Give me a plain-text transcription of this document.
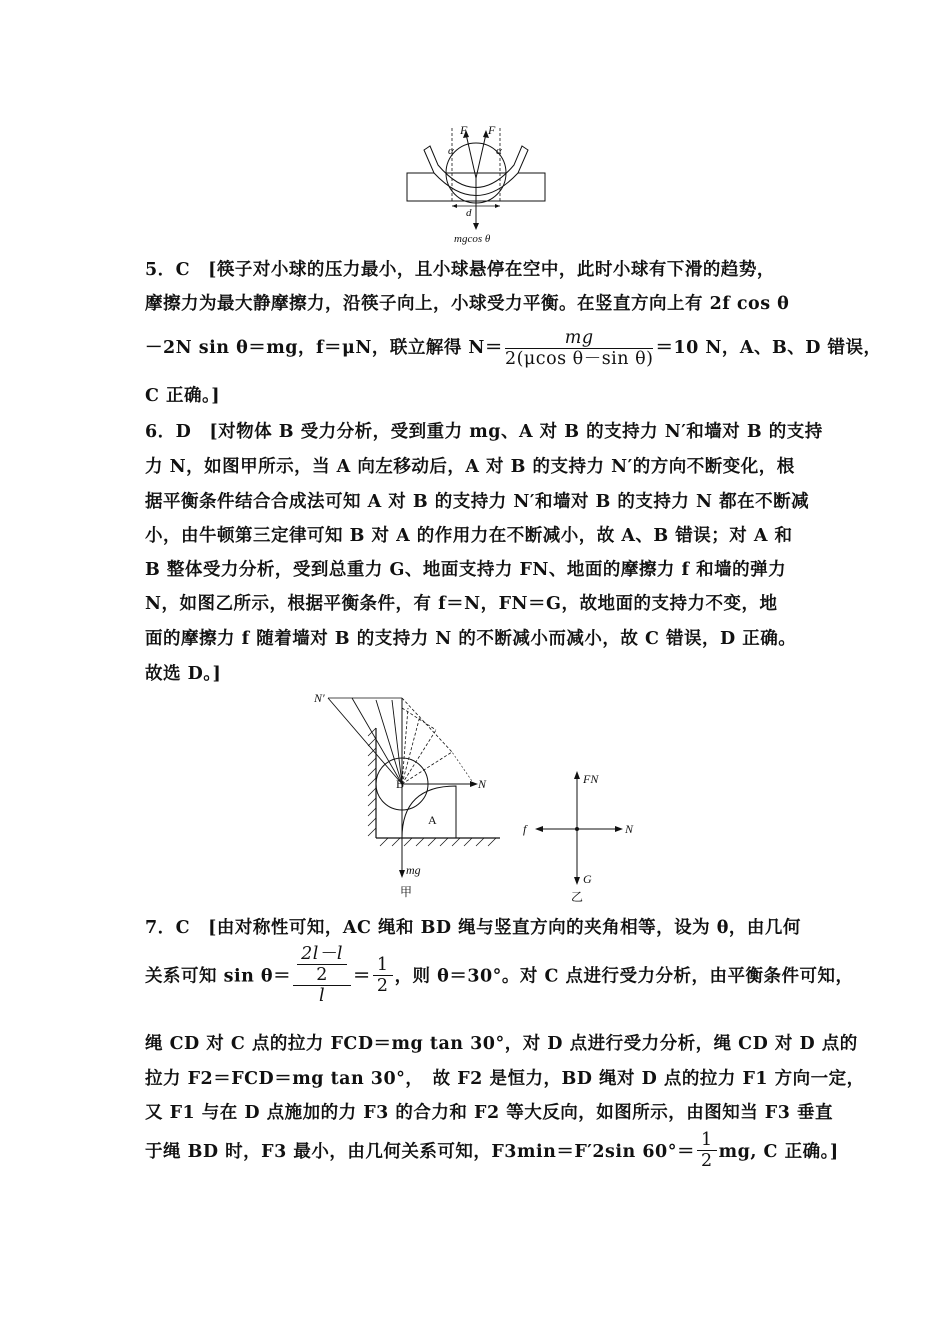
F F
α	α
d
mgcos θ
5．C　[筷子对小球的压力最小，且小球悬停在空中，此时小球有下滑的趋势，
摩擦力为最大静摩擦力，沿筷子向上，小球受力平衡。在竖直方向上有 2f cos θ
－2N sin θ＝mg，f＝μN，联立解得 $N= \frac{mg}{\text{2(μcos θ－sin θ)}} =10$ N，A、B、D 错误，
C 正确。]
6．D　[对物体 B 受力分析，受到重力 mg、A 对 B 的支持力 N′和墙对 B 的支持
力 N，如图甲所示，当 A 向左移动后，A 对 B 的支持力 N′的方向不断变化，根
据平衡条件结合合成法可知 A 对 B 的支持力 N′和墙对 B 的支持力 N 都在不断减
小，由牛顿第三定律可知 B 对 A 的作用力在不断减小，故 A、B 错误；对 A 和
B 整体受力分析，受到总重力 G、地面支持力 FN、地面的摩擦力 f 和墙的弹力
N，如图乙所示，根据平衡条件，有 f＝N，FN＝G，故地面的支持力不变，地
面的摩擦力 f 随着墙对 B 的支持力 N 的不断减小而减小，故 C 错误，D 正确。
故选 D。]
N′
B	N
A
mg
甲
FN
f	N
G
乙
7．C　[由对称性可知，AC 绳和 BD 绳与竖直方向的夹角相等，设为 θ，由几何
关系可知 $\sin \theta= \frac{\frac{2l-l}{2}}{l} = \frac{1}{2}$ ，则 θ＝30°。对 C 点进行受力分析，由平衡条件可知，
绳 CD 对 C 点的拉力 FCD＝mg tan 30°，对 D 点进行受力分析，绳 CD 对 D 点的
拉力 F2＝FCD＝mg tan 30°，　故 F2 是恒力，BD 绳对 D 点的拉力 F1 方向一定，
又 F1 与在 D 点施加的力 F3 的合力和 F2 等大反向，如图所示，由图知当 F3 垂直
于绳 BD 时，F3 最小，由几何关系可知，F3min＝F′2sin $60^\circ= \frac{1}{2}$ mg, C 正确。]
